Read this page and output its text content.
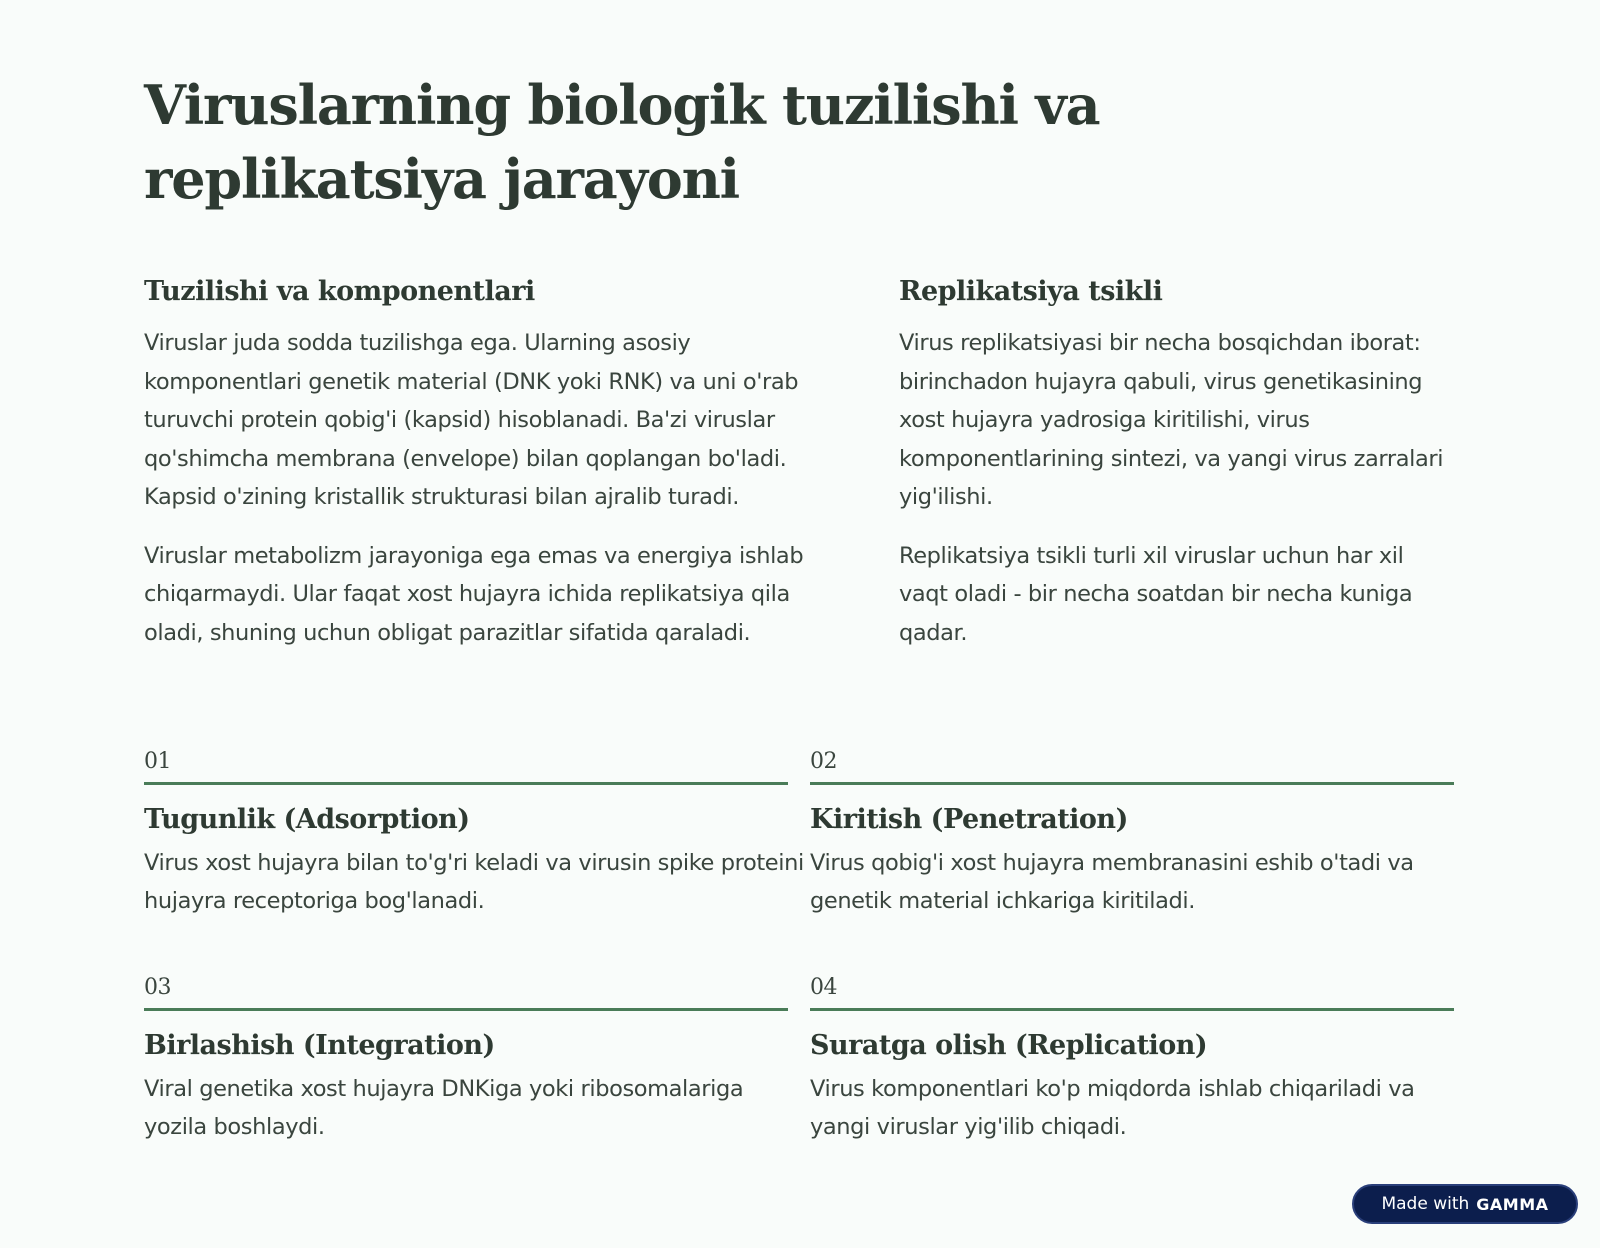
Viruslarning biologik tuzilishi va replikatsiya jarayoni
Tuzilishi va komponentlari

Viruslar juda sodda tuzilishga ega. Ularning asosiy komponentlari genetik material (DNK yoki RNK) va uni o'rab turuvchi protein qobig'i (kapsid) hisoblanadi. Ba'zi viruslar qo'shimcha membrana (envelope) bilan qoplangan bo'ladi. Kapsid o'zining kristallik strukturasi bilan ajralib turadi.

Viruslar metabolizm jarayoniga ega emas va energiya ishlab chiqarmaydi. Ular faqat xost hujayra ichida replikatsiya qila oladi, shuning uchun obligat parazitlar sifatida qaraladi.

Replikatsiya tsikli

Virus replikatsiyasi bir necha bosqichdan iborat: birinchadon hujayra qabuli, virus genetikasining xost hujayra yadrosiga kiritilishi, virus komponentlarining sintezi, va yangi virus zarralari yig'ilishi.

Replikatsiya tsikli turli xil viruslar uchun har xil vaqt oladi - bir necha soatdan bir necha kuniga qadar.

01
Tugunlik (Adsorption)

Virus xost hujayra bilan to'g'ri keladi va virusin spike proteini hujayra receptoriga bog'lanadi.

02
Kiritish (Penetration)

Virus qobig'i xost hujayra membranasini eshib o'tadi va genetik material ichkariga kiritiladi.

03
Birlashish (Integration)

Viral genetika xost hujayra DNKiga yoki ribosomalariga yozila boshlaydi.

04
Suratga olish (Replication)

Virus komponentlari ko'p miqdorda ishlab chiqariladi va yangi viruslar yig'ilib chiqadi.

Made with GAMMA
